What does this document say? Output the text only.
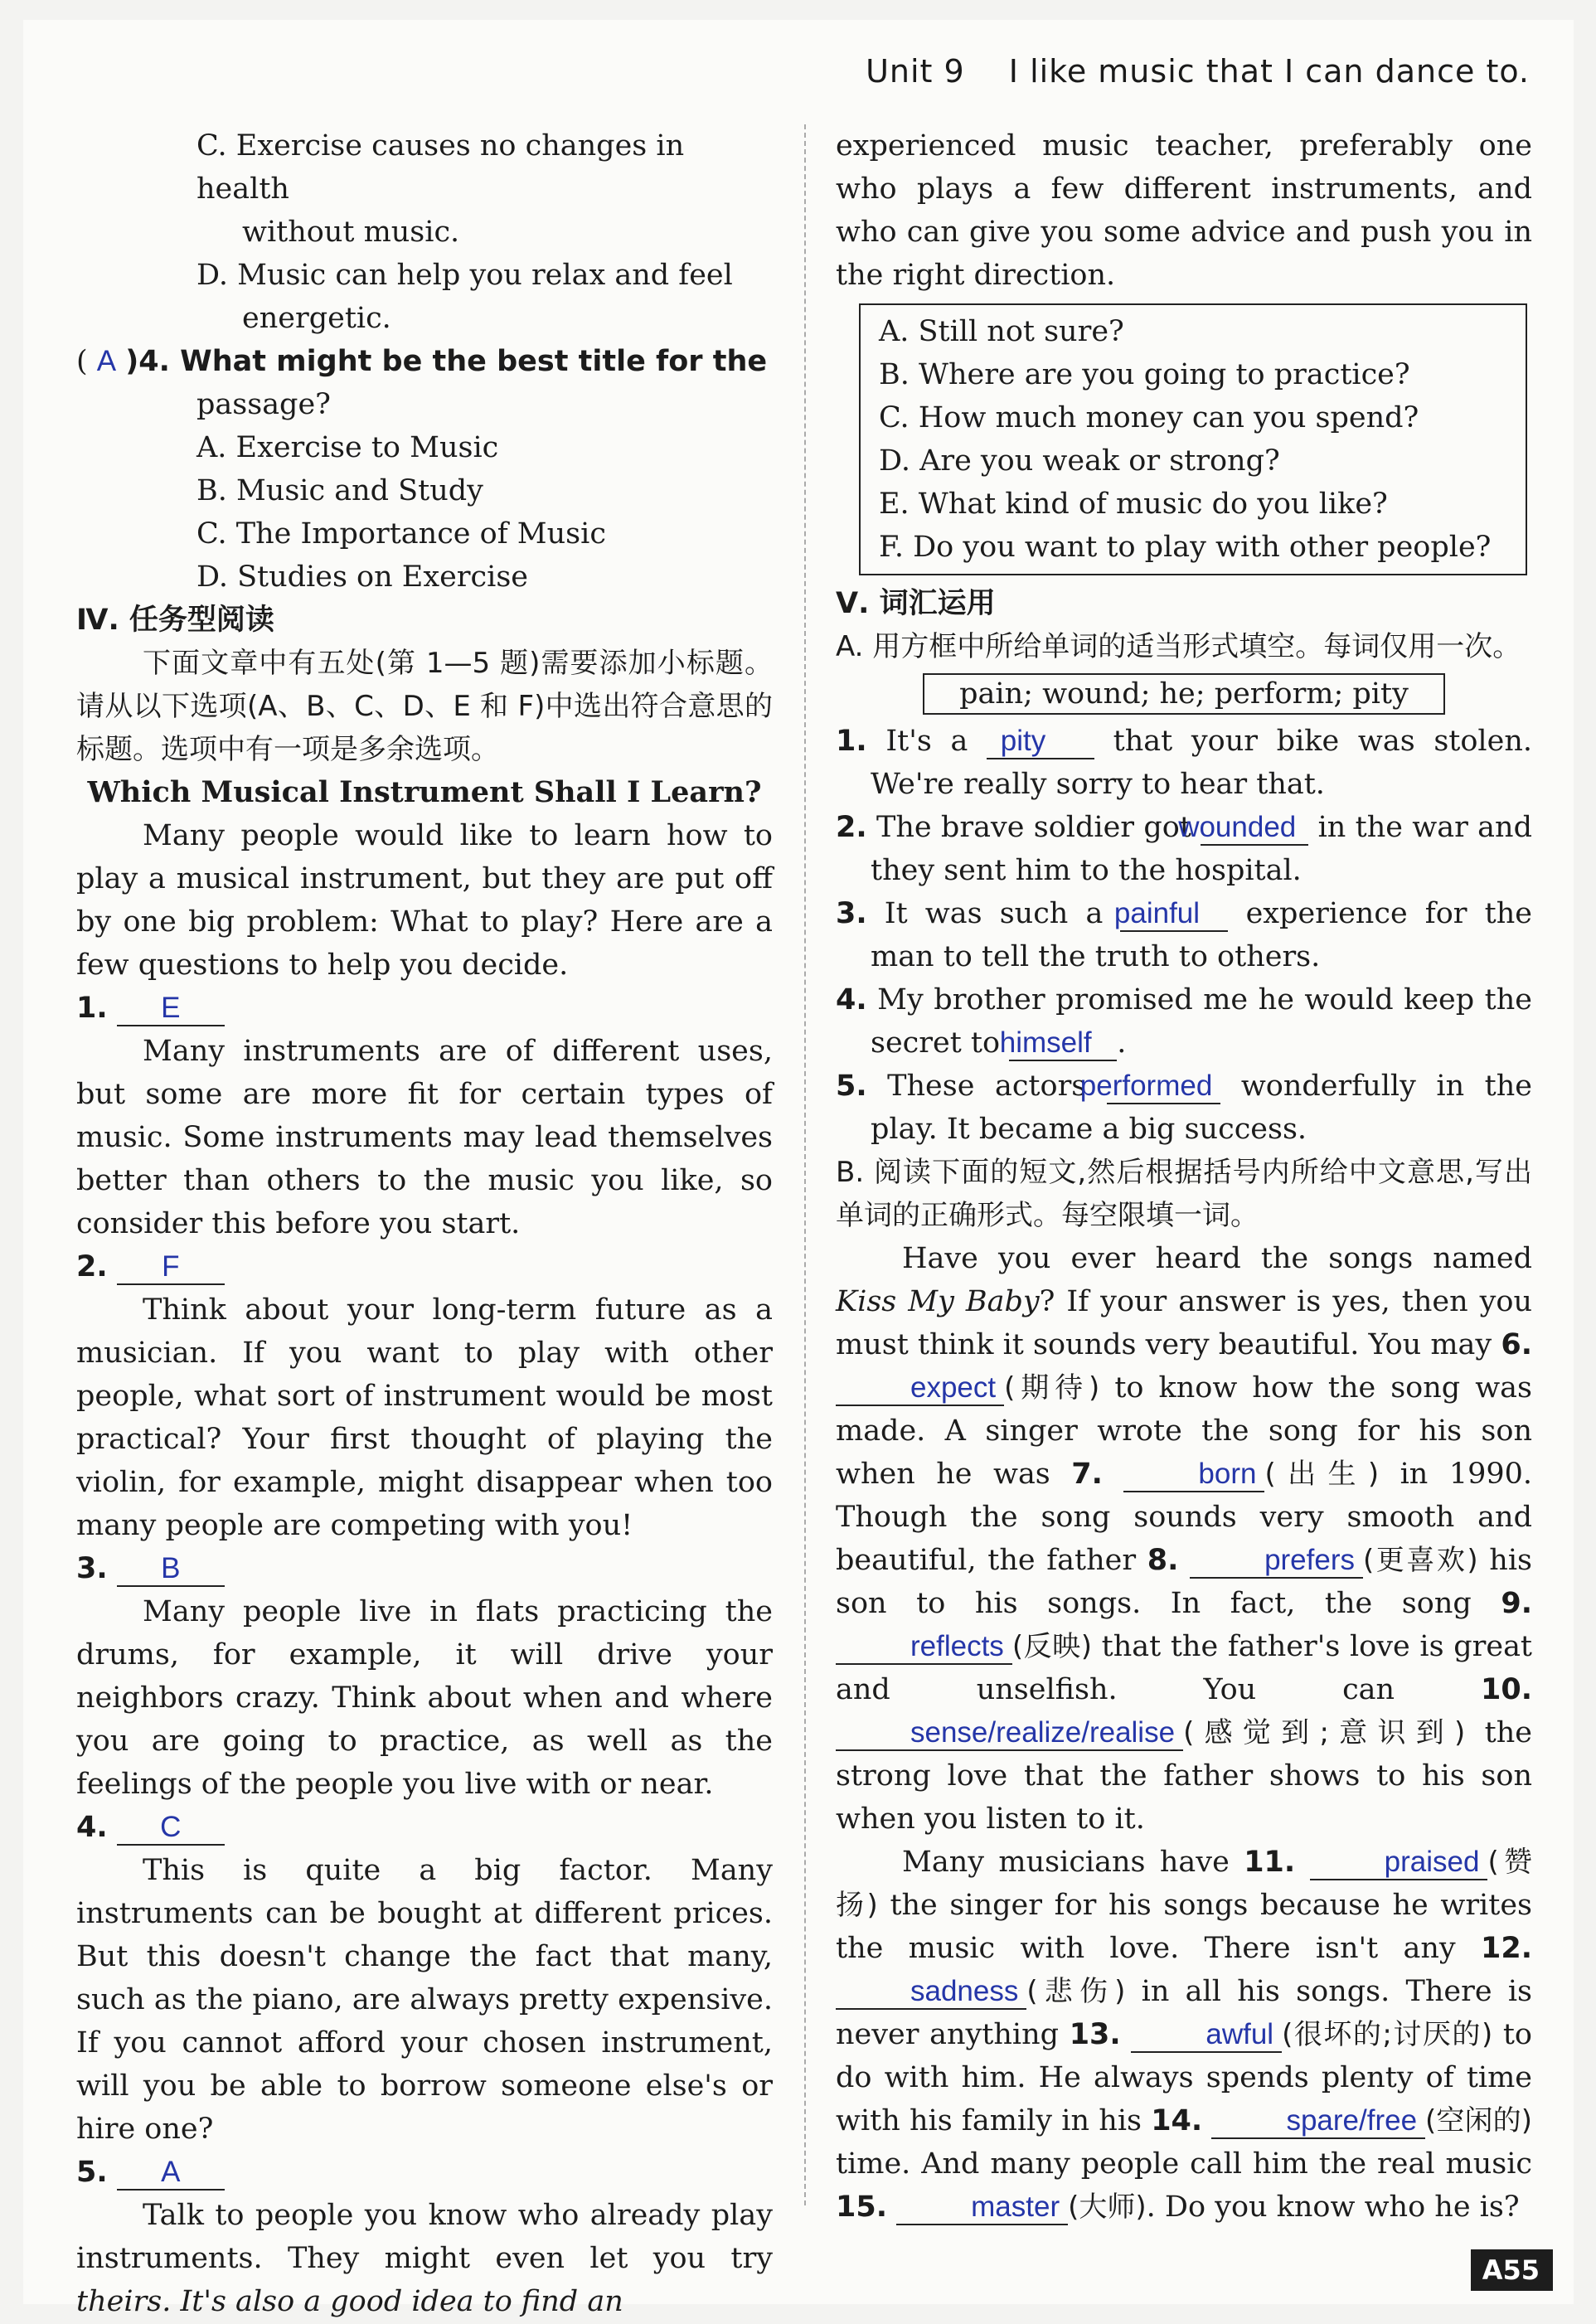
Unit 9 I like music that I can dance to.

C. Exercise causes no changes in health

without music.

D. Music can help you relax and feel

energetic.

( A )4. What might be the best title for the

passage?

A. Exercise to Music

B. Music and Study

C. The Importance of Music

D. Studies on Exercise

Ⅳ. 任务型阅读

下面文章中有五处(第 1—5 题)需要添加小标题。请从以下选项(A、B、C、D、E 和 F)中选出符合意思的标题。选项中有一项是多余选项。

Which Musical Instrument Shall I Learn?

Many people would like to learn how to play a musical instrument, but they are put off by one big problem: What to play? Here are a few questions to help you decide.

1. E

Many instruments are of different uses, but some are more fit for certain types of music. Some instruments may lead themselves better than others to the music you like, so consider this before you start.

2. F

Think about your long-term future as a musician. If you want to play with other people, what sort of instrument would be most practical? Your first thought of playing the violin, for example, might disappear when too many people are competing with you!

3. B

Many people live in flats practicing the drums, for example, it will drive your neighbors crazy. Think about when and where you are going to practice, as well as the feelings of the people you live with or near.

4. C

This is quite a big factor. Many instruments can be bought at different prices. But this doesn't change the fact that many, such as the piano, are always pretty expensive. If you cannot afford your chosen instrument, will you be able to borrow someone else's or hire one?

5. A

Talk to people you know who already play instruments. They might even let you try theirs. It's also a good idea to find an

experienced music teacher, preferably one who plays a few different instruments, and who can give you some advice and push you in the right direction.

A. Still not sure?

B. Where are you going to practice?

C. How much money can you spend?

D. Are you weak or strong?

E. What kind of music do you like?

F. Do you want to play with other people?

Ⅴ. 词汇运用

A. 用方框中所给单词的适当形式填空。每词仅用一次。

pain; wound; he; perform; pity

1. It's a pity that your bike was stolen. We're really sorry to hear that.

2. The brave soldier got wounded in the war and they sent him to the hospital.

3. It was such a painful experience for the man to tell the truth to others.

4. My brother promised me he would keep the secret to himself .

5. These actors performed wonderfully in the play. It became a big success.

B. 阅读下面的短文,然后根据括号内所给中文意思,写出单词的正确形式。每空限填一词。

Have you ever heard the songs named Kiss My Baby? If your answer is yes, then you must think it sounds very beautiful. You may 6. expect (期待) to know how the song was made. A singer wrote the song for his son when he was 7.	born (出生) in 1990. Though the song sounds very smooth and beautiful, the father 8.	prefers (更喜欢) his son to his songs. In fact, the song 9. reflects (反映) that the father's love is great and unselfish. You can 10. sense/realize/realise (感觉到;意识到) the strong love that the father shows to his son when you listen to it.

Many musicians have 11.	praised (赞扬) the singer for his songs because he writes the music with love. There isn't any 12. sadness (悲伤) in all his songs. There is never anything 13.	awful (很坏的;讨厌的) to do with him. He always spends plenty of time with his family in his 14.	spare/free (空闲的) time. And many people call him the real music 15.	master (大师). Do you know who he is?

A55
